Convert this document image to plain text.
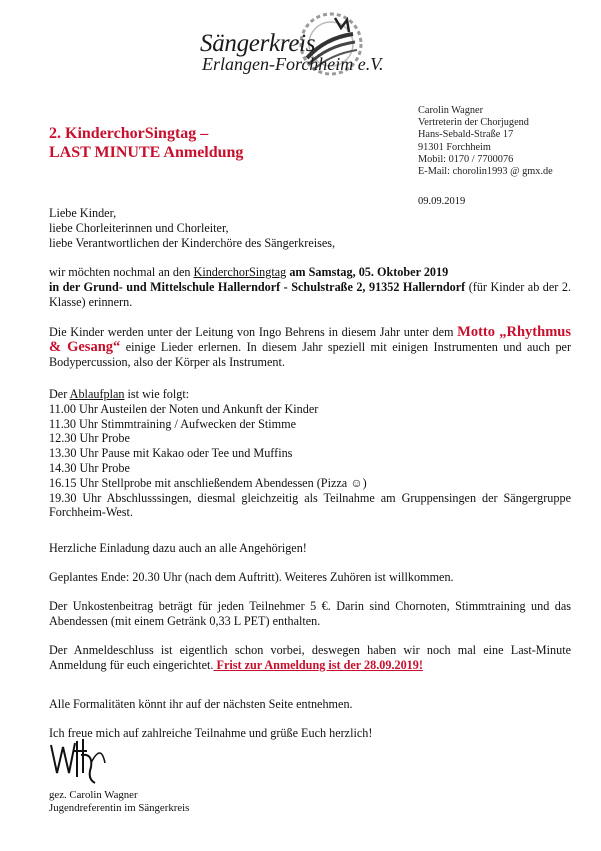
Sängerkreis
Erlangen-Forchheim e.V.
2. KinderchorSingtag –
LAST MINUTE Anmeldung
Carolin Wagner
Vertreterin der Chorjugend
Hans-Sebald-Straße 17
91301 Forchheim
Mobil: 0170 / 7700076
E-Mail: chorolin1993 @ gmx.de
09.09.2019
Liebe Kinder,
liebe Chorleiterinnen und Chorleiter,
liebe Verantwortlichen der Kinderchöre des Sängerkreises,
wir möchten nochmal an den KinderchorSingtag am Samstag, 05. Oktober 2019
in der Grund- und Mittelschule Hallerndorf - Schulstraße 2, 91352 Hallerndorf (für Kinder ab der 2. Klasse) erinnern.
Die Kinder werden unter der Leitung von Ingo Behrens in diesem Jahr unter dem Motto „Rhythmus & Gesang“ einige Lieder erlernen. In diesem Jahr speziell mit einigen Instrumenten und auch per Bodypercussion, also der Körper als Instrument.
Der Ablaufplan ist wie folgt:
11.00 Uhr Austeilen der Noten und Ankunft der Kinder
11.30 Uhr Stimmtraining / Aufwecken der Stimme
12.30 Uhr Probe
13.30 Uhr Pause mit Kakao oder Tee und Muffins
14.30 Uhr Probe
16.15 Uhr Stellprobe mit anschließendem Abendessen (Pizza ☺)
19.30 Uhr Abschlusssingen, diesmal gleichzeitig als Teilnahme am Gruppensingen der Sängergruppe Forchheim-West.
Herzliche Einladung dazu auch an alle Angehörigen!
Geplantes Ende: 20.30 Uhr (nach dem Auftritt). Weiteres Zuhören ist willkommen.
Der Unkostenbeitrag beträgt für jeden Teilnehmer 5 €. Darin sind Chornoten, Stimmtraining und das Abendessen (mit einem Getränk 0,33 L PET) enthalten.
Der Anmeldeschluss ist eigentlich schon vorbei, deswegen haben wir noch mal eine Last-Minute Anmeldung für euch eingerichtet. Frist zur Anmeldung ist der 28.09.2019!
Alle Formalitäten könnt ihr auf der nächsten Seite entnehmen.
Ich freue mich auf zahlreiche Teilnahme und grüße Euch herzlich!
gez. Carolin Wagner
Jugendreferentin im Sängerkreis
